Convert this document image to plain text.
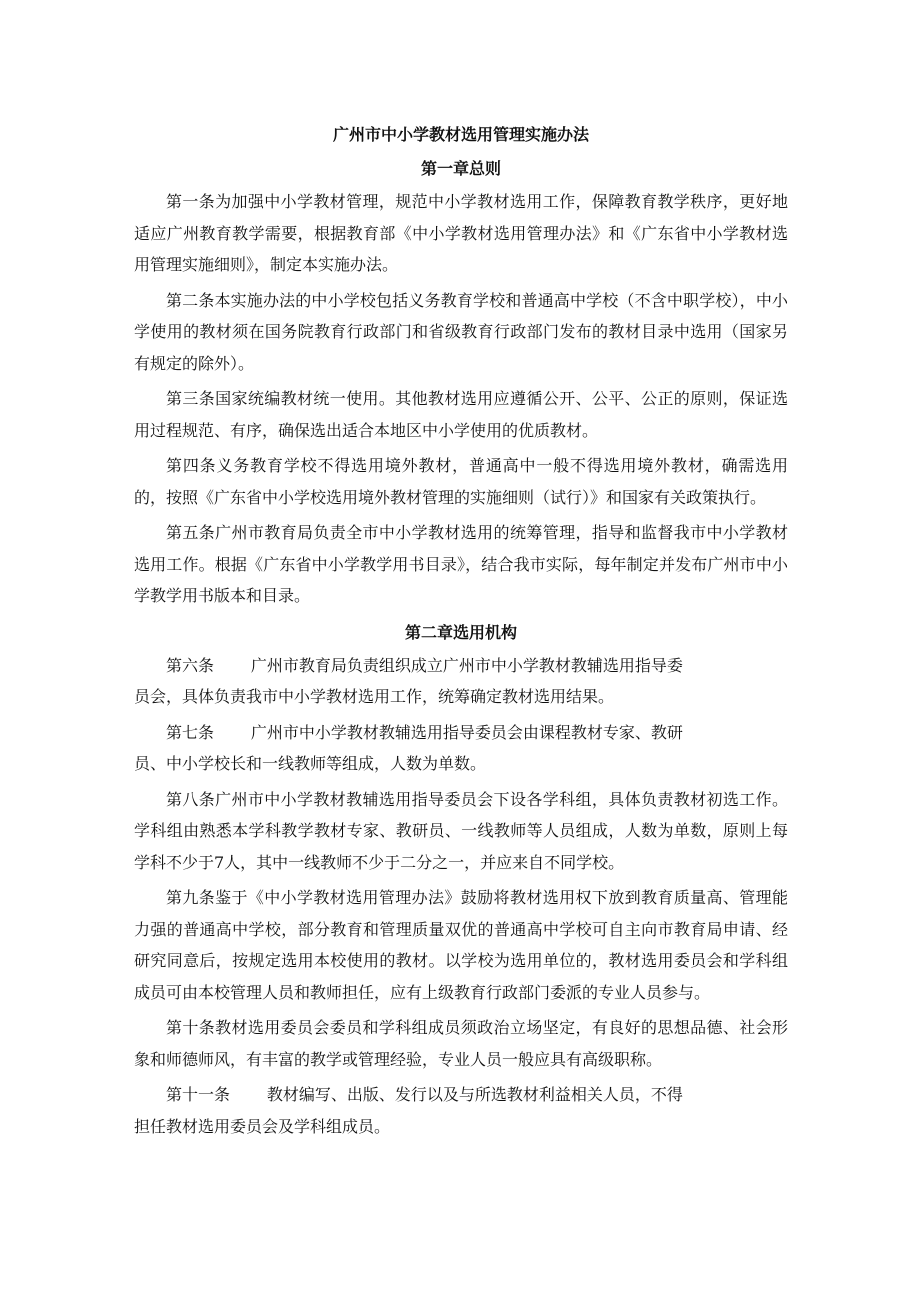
广州市中小学教材选用管理实施办法
第一章总则

第一条为加强中小学教材管理，规范中小学教材选用工作，保障教育教学秩序，更好地适应广州教育教学需要，根据教育部《中小学教材选用管理办法》和《广东省中小学教材选用管理实施细则》，制定本实施办法。

第二条本实施办法的中小学校包括义务教育学校和普通高中学校（不含中职学校），中小学使用的教材须在国务院教育行政部门和省级教育行政部门发布的教材目录中选用（国家另有规定的除外）。

第三条国家统编教材统一使用。其他教材选用应遵循公开、公平、公正的原则，保证选用过程规范、有序，确保选出适合本地区中小学使用的优质教材。

第四条义务教育学校不得选用境外教材，普通高中一般不得选用境外教材，确需选用的，按照《广东省中小学校选用境外教材管理的实施细则（试行）》和国家有关政策执行。

第五条广州市教育局负责全市中小学教材选用的统筹管理，指导和监督我市中小学教材选用工作。根据《广东省中小学教学用书目录》，结合我市实际，每年制定并发布广州市中小学教学用书版本和目录。

第二章选用机构

第六条 广州市教育局负责组织成立广州市中小学教材教辅选用指导委
员会，具体负责我市中小学教材选用工作，统筹确定教材选用结果。

第七条 广州市中小学教材教辅选用指导委员会由课程教材专家、教研
员、中小学校长和一线教师等组成，人数为单数。

第八条广州市中小学教材教辅选用指导委员会下设各学科组，具体负责教材初选工作。学科组由熟悉本学科教学教材专家、教研员、一线教师等人员组成，人数为单数，原则上每学科不少于7人，其中一线教师不少于二分之一，并应来自不同学校。

第九条鉴于《中小学教材选用管理办法》鼓励将教材选用权下放到教育质量高、管理能力强的普通高中学校，部分教育和管理质量双优的普通高中学校可自主向市教育局申请、经研究同意后，按规定选用本校使用的教材。以学校为选用单位的，教材选用委员会和学科组成员可由本校管理人员和教师担任，应有上级教育行政部门委派的专业人员参与。

第十条教材选用委员会委员和学科组成员须政治立场坚定，有良好的思想品德、社会形象和师德师风，有丰富的教学或管理经验，专业人员一般应具有高级职称。

第十一条 教材编写、出版、发行以及与所选教材利益相关人员，不得
担任教材选用委员会及学科组成员。
